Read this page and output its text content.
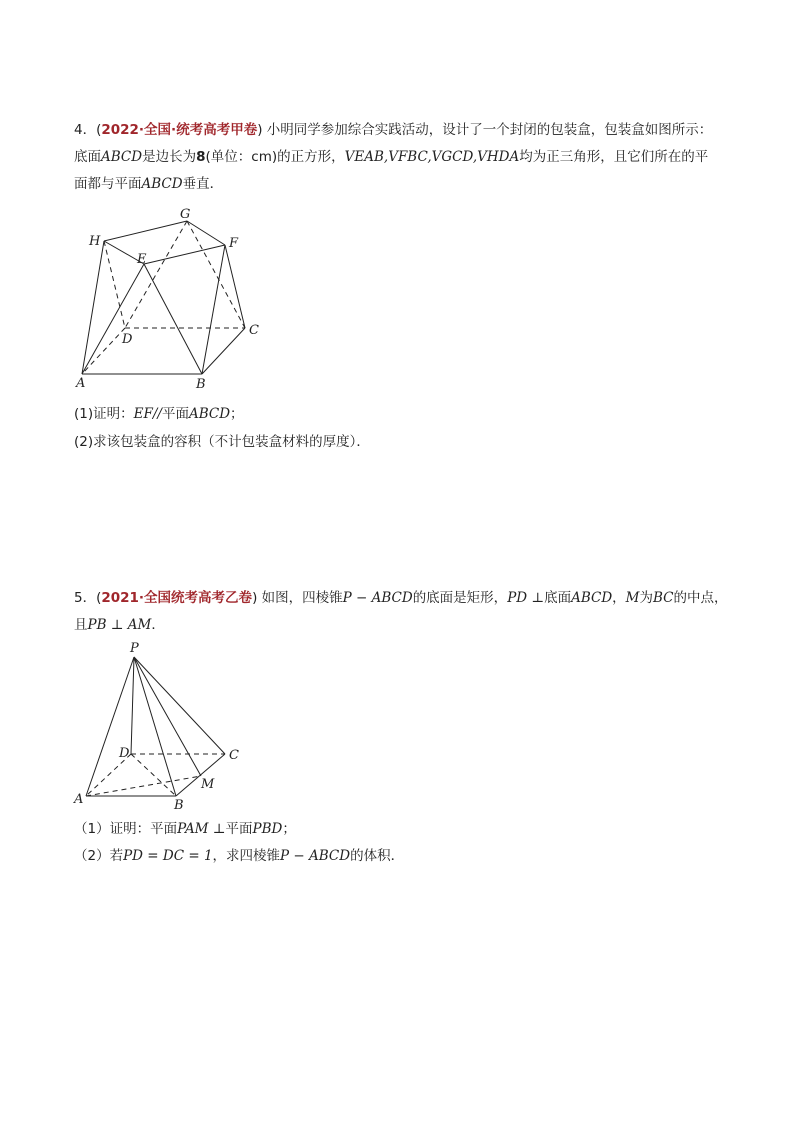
4．(2022·全国·统考高考甲卷) 小明同学参加综合实践活动，设计了一个封闭的包装盒，包装盒如图所示：
底面ABCD是边长为8(单位：cm)的正方形，VEAB,VFBC,VGCD,VHDA均为正三角形，且它们所在的平
面都与平面ABCD垂直．
G
H	F
E
D
C
A	B
P
D	C
M
A	B
(1)证明：EF//平面ABCD；
(2)求该包装盒的容积（不计包装盒材料的厚度）．
5．(2021·全国统考高考乙卷) 如图，四棱锥P − ABCD的底面是矩形，PD ⊥底面ABCD，M为BC的中点，
且PB ⊥ AM．
（1）证明：平面PAM ⊥平面PBD；
（2）若PD = DC = 1，求四棱锥P − ABCD的体积．
